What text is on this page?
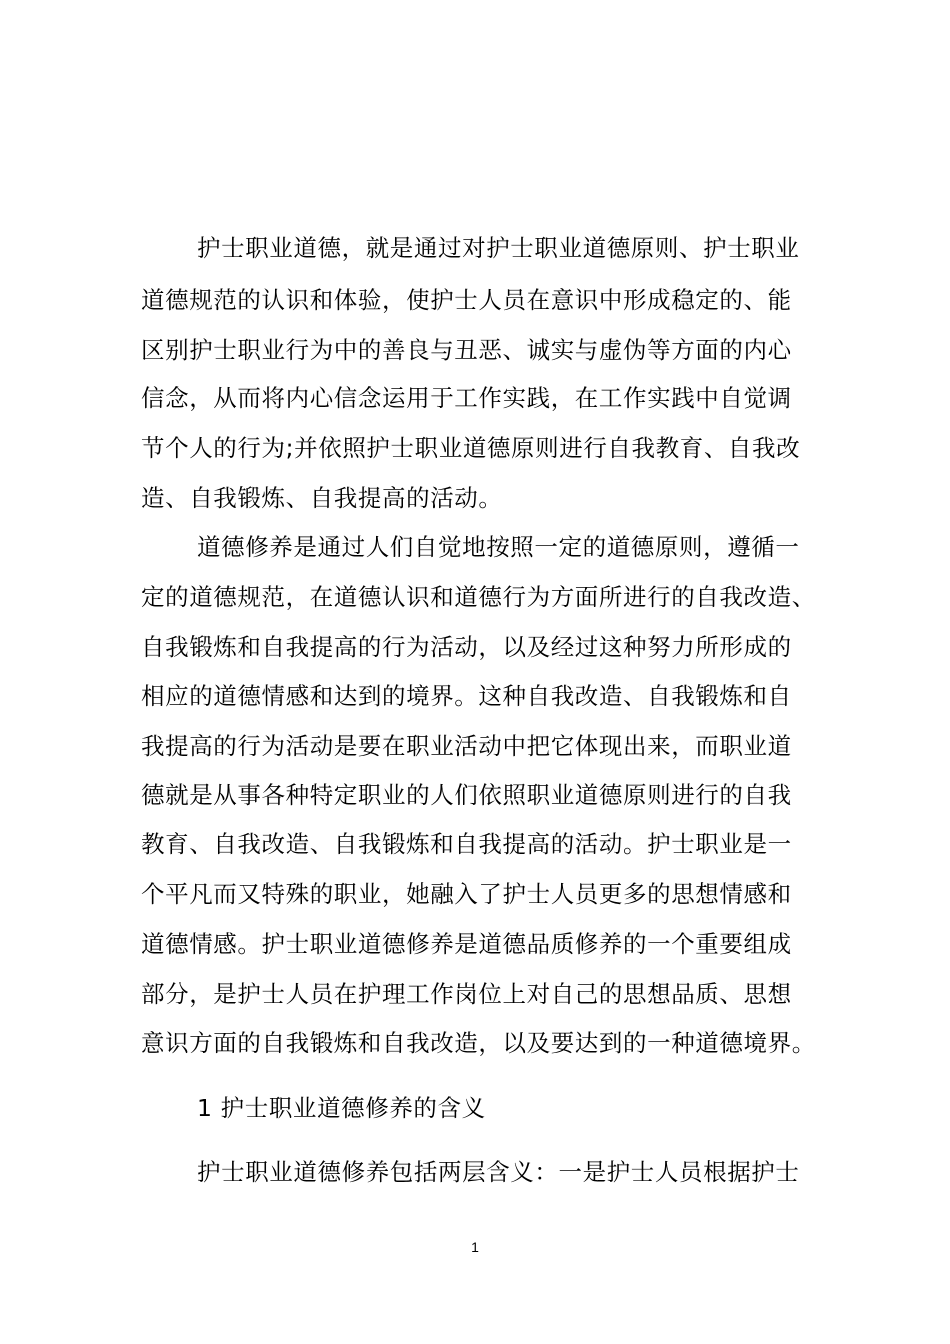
护士职业道德，就是通过对护士职业道德原则、护士职业
道德规范的认识和体验，使护士人员在意识中形成稳定的、能
区别护士职业行为中的善良与丑恶、诚实与虚伪等方面的内心
信念，从而将内心信念运用于工作实践，在工作实践中自觉调
节个人的行为;并依照护士职业道德原则进行自我教育、自我改
造、自我锻炼、自我提高的活动。
道德修养是通过人们自觉地按照一定的道德原则，遵循一
定的道德规范，在道德认识和道德行为方面所进行的自我改造、
自我锻炼和自我提高的行为活动，以及经过这种努力所形成的
相应的道德情感和达到的境界。这种自我改造、自我锻炼和自
我提高的行为活动是要在职业活动中把它体现出来，而职业道
德就是从事各种特定职业的人们依照职业道德原则进行的自我
教育、自我改造、自我锻炼和自我提高的活动。护士职业是一
个平凡而又特殊的职业，她融入了护士人员更多的思想情感和
道德情感。护士职业道德修养是道德品质修养的一个重要组成
部分，是护士人员在护理工作岗位上对自己的思想品质、思想
意识方面的自我锻炼和自我改造，以及要达到的一种道德境界。
1 护士职业道德修养的含义
护士职业道德修养包括两层含义：一是护士人员根据护士
1
